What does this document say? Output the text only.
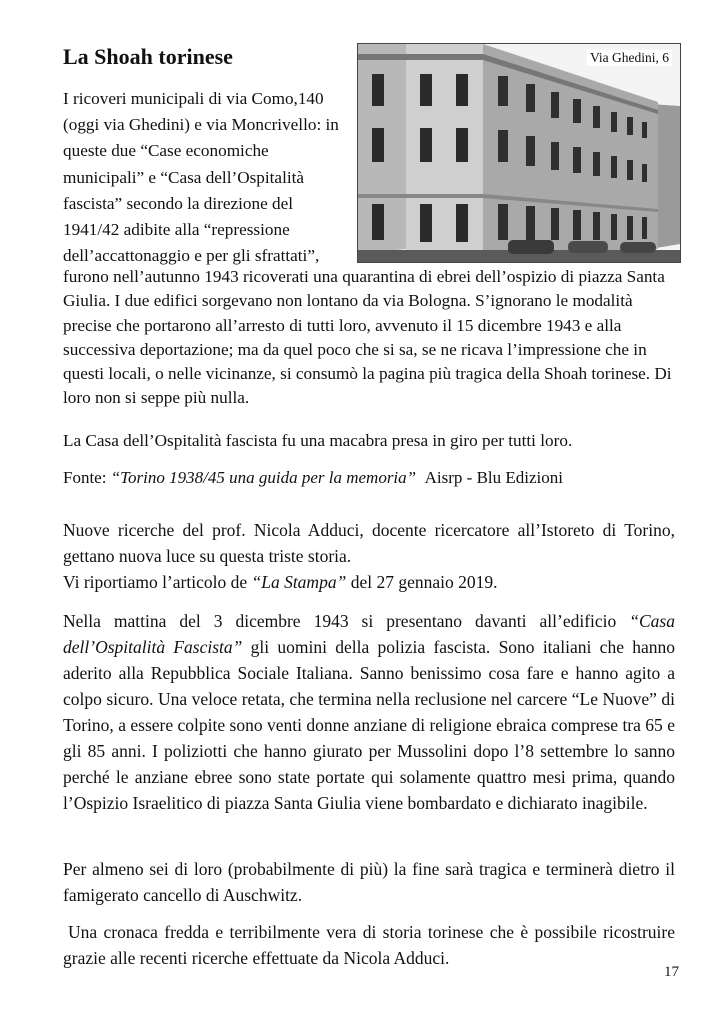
La Shoah torinese	Via Ghedini, 6

I ricoveri municipali di via Como,140 (oggi via Ghedini) e via Moncrivello: in queste due “Case economiche municipali” e “Casa dell’Ospitalità fascista” secondo la direzione del 1941/42 adibite alla “repressione dell’accattonaggio e per gli sfrattati”,

furono nell’autunno 1943 ricoverati una quarantina di ebrei dell’ospizio di piazza Santa Giulia. I due edifici sorgevano non lontano da via Bologna. S’ignorano le modalità precise che portarono all’arresto di tutti loro, avvenuto il 15 dicembre 1943 e alla successiva deportazione; ma da quel poco che si sa, se ne ricava l’impressione che in questi locali, o nelle vicinanze, si consumò la pagina più tragica della Shoah torinese. Di loro non si seppe più nulla.

La Casa dell’Ospitalità fascista fu una macabra presa in giro per tutti loro.

Fonte: “Torino 1938/45 una guida per la memoria” Aisrp - Blu Edizioni

Nuove ricerche del prof. Nicola Adduci, docente ricercatore all’Istoreto di Torino, gettano nuova luce su questa triste storia.

Vi riportiamo l’articolo de “La Stampa” del 27 gennaio 2019.

Nella mattina del 3 dicembre 1943 si presentano davanti all’edificio “Casa dell’Ospitalità Fascista” gli uomini della polizia fascista. Sono italiani che hanno aderito alla Repubblica Sociale Italiana. Sanno benissimo cosa fare e hanno agito a colpo sicuro. Una veloce retata, che termina nella reclusione nel carcere “Le Nuove” di Torino, a essere colpite sono venti donne anziane di religione ebraica comprese tra 65 e gli 85 anni. I poliziotti che hanno giurato per Mussolini dopo l’8 settembre lo sanno perché le anziane ebree sono state portate qui solamente quattro mesi prima, quando l’Ospizio Israelitico di piazza Santa Giulia viene bombardato e dichiarato inagibile.

Per almeno sei di loro (probabilmente di più) la fine sarà tragica e terminerà dietro il famigerato cancello di Auschwitz.

Una cronaca fredda e terribilmente vera di storia torinese che è possibile ricostruire grazie alle recenti ricerche effettuate da Nicola Adduci.

17
